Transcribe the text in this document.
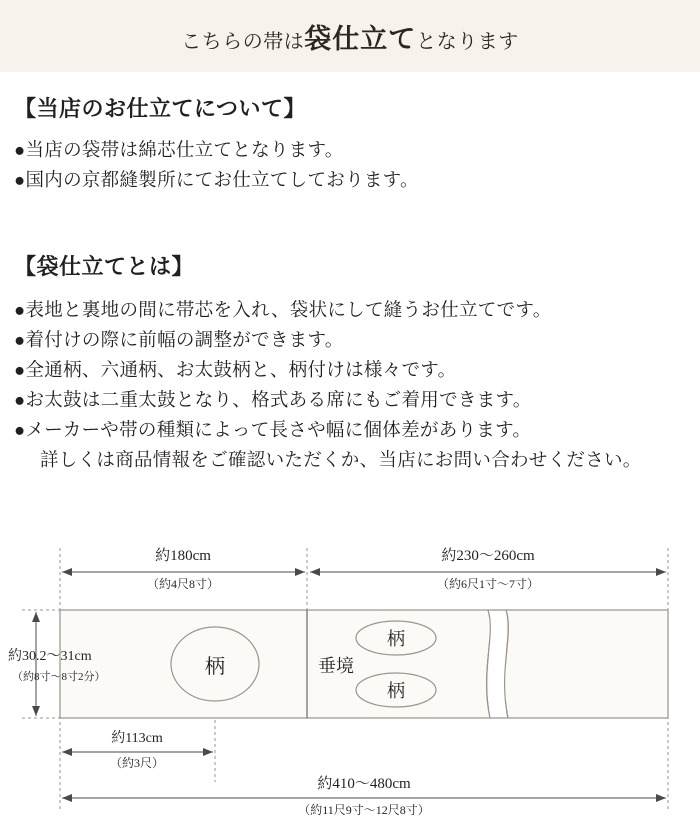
こちらの帯は袋仕立てとなります
【当店のお仕立てについて】
●当店の袋帯は綿芯仕立てとなります。
●国内の京都縫製所にてお仕立てしております。
【袋仕立てとは】
●表地と裏地の間に帯芯を入れ、袋状にして縫うお仕立てです。
●着付けの際に前幅の調整ができます。
●全通柄、六通柄、お太鼓柄と、柄付けは様々です。
●お太鼓は二重太鼓となり、格式ある席にもご着用できます。
●メーカーや帯の種類によって長さや幅に個体差があります。
詳しくは商品情報をご確認いただくか、当店にお問い合わせください。
約180cm
（約4尺8寸）
約230〜260cm
（約6尺1寸〜7寸）
柄	垂境
柄
柄
約30.2〜31cm
（約8寸〜8寸2分）
約113cm
（約3尺）
約410〜480cm
（約11尺9寸〜12尺8寸）
